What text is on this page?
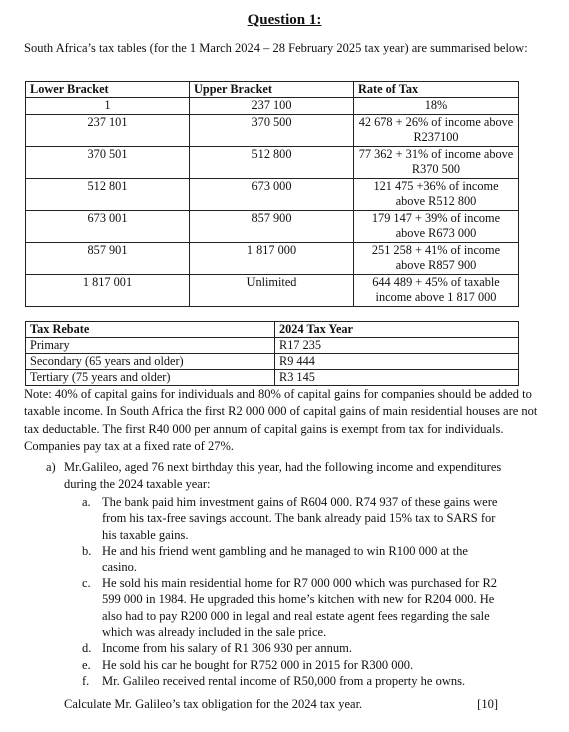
Question 1:
South Africa’s tax tables (for the 1 March 2024 – 28 February 2025 tax year) are summarised below:
Lower Bracket	Upper Bracket	Rate of Tax
1	237 100	18%
237 101	370 500	42 678 + 26% of income above R237100
370 501	512 800	77 362 + 31% of income above R370 500
512 801	673 000	121 475 +36% of income above R512 800
673 001	857 900	179 147 + 39% of income above R673 000
857 901	1 817 000	251 258 + 41% of income above R857 900
1 817 001	Unlimited	644 489 + 45% of taxable income above 1 817 000
Tax Rebate	2024 Tax Year
Primary	R17 235
Secondary (65 years and older)	R9 444
Tertiary (75 years and older)	R3 145
Note: 40% of capital gains for individuals and 80% of capital gains for companies should be added to taxable income. In South Africa the first R2 000 000 of capital gains of main residential houses are not tax deductable. The first R40 000 per annum of capital gains is exempt from tax for individuals. Companies pay tax at a fixed rate of 27%.
a) Mr.Galileo, aged 76 next birthday this year, had the following income and expenditures during the 2024 taxable year:
a. The bank paid him investment gains of R604 000. R74 937 of these gains were from his tax-free savings account. The bank already paid 15% tax to SARS for his taxable gains.
b. He and his friend went gambling and he managed to win R100 000 at the casino.
c. He sold his main residential home for R7 000 000 which was purchased for R2 599 000 in 1984. He upgraded this home’s kitchen with new for R204 000. He also had to pay R200 000 in legal and real estate agent fees regarding the sale which was already included in the sale price.
d. Income from his salary of R1 306 930 per annum.
e. He sold his car he bought for R752 000 in 2015 for R300 000.
f. Mr. Galileo received rental income of R50,000 from a property he owns.
Calculate Mr. Galileo’s tax obligation for the 2024 tax year.	[10]
